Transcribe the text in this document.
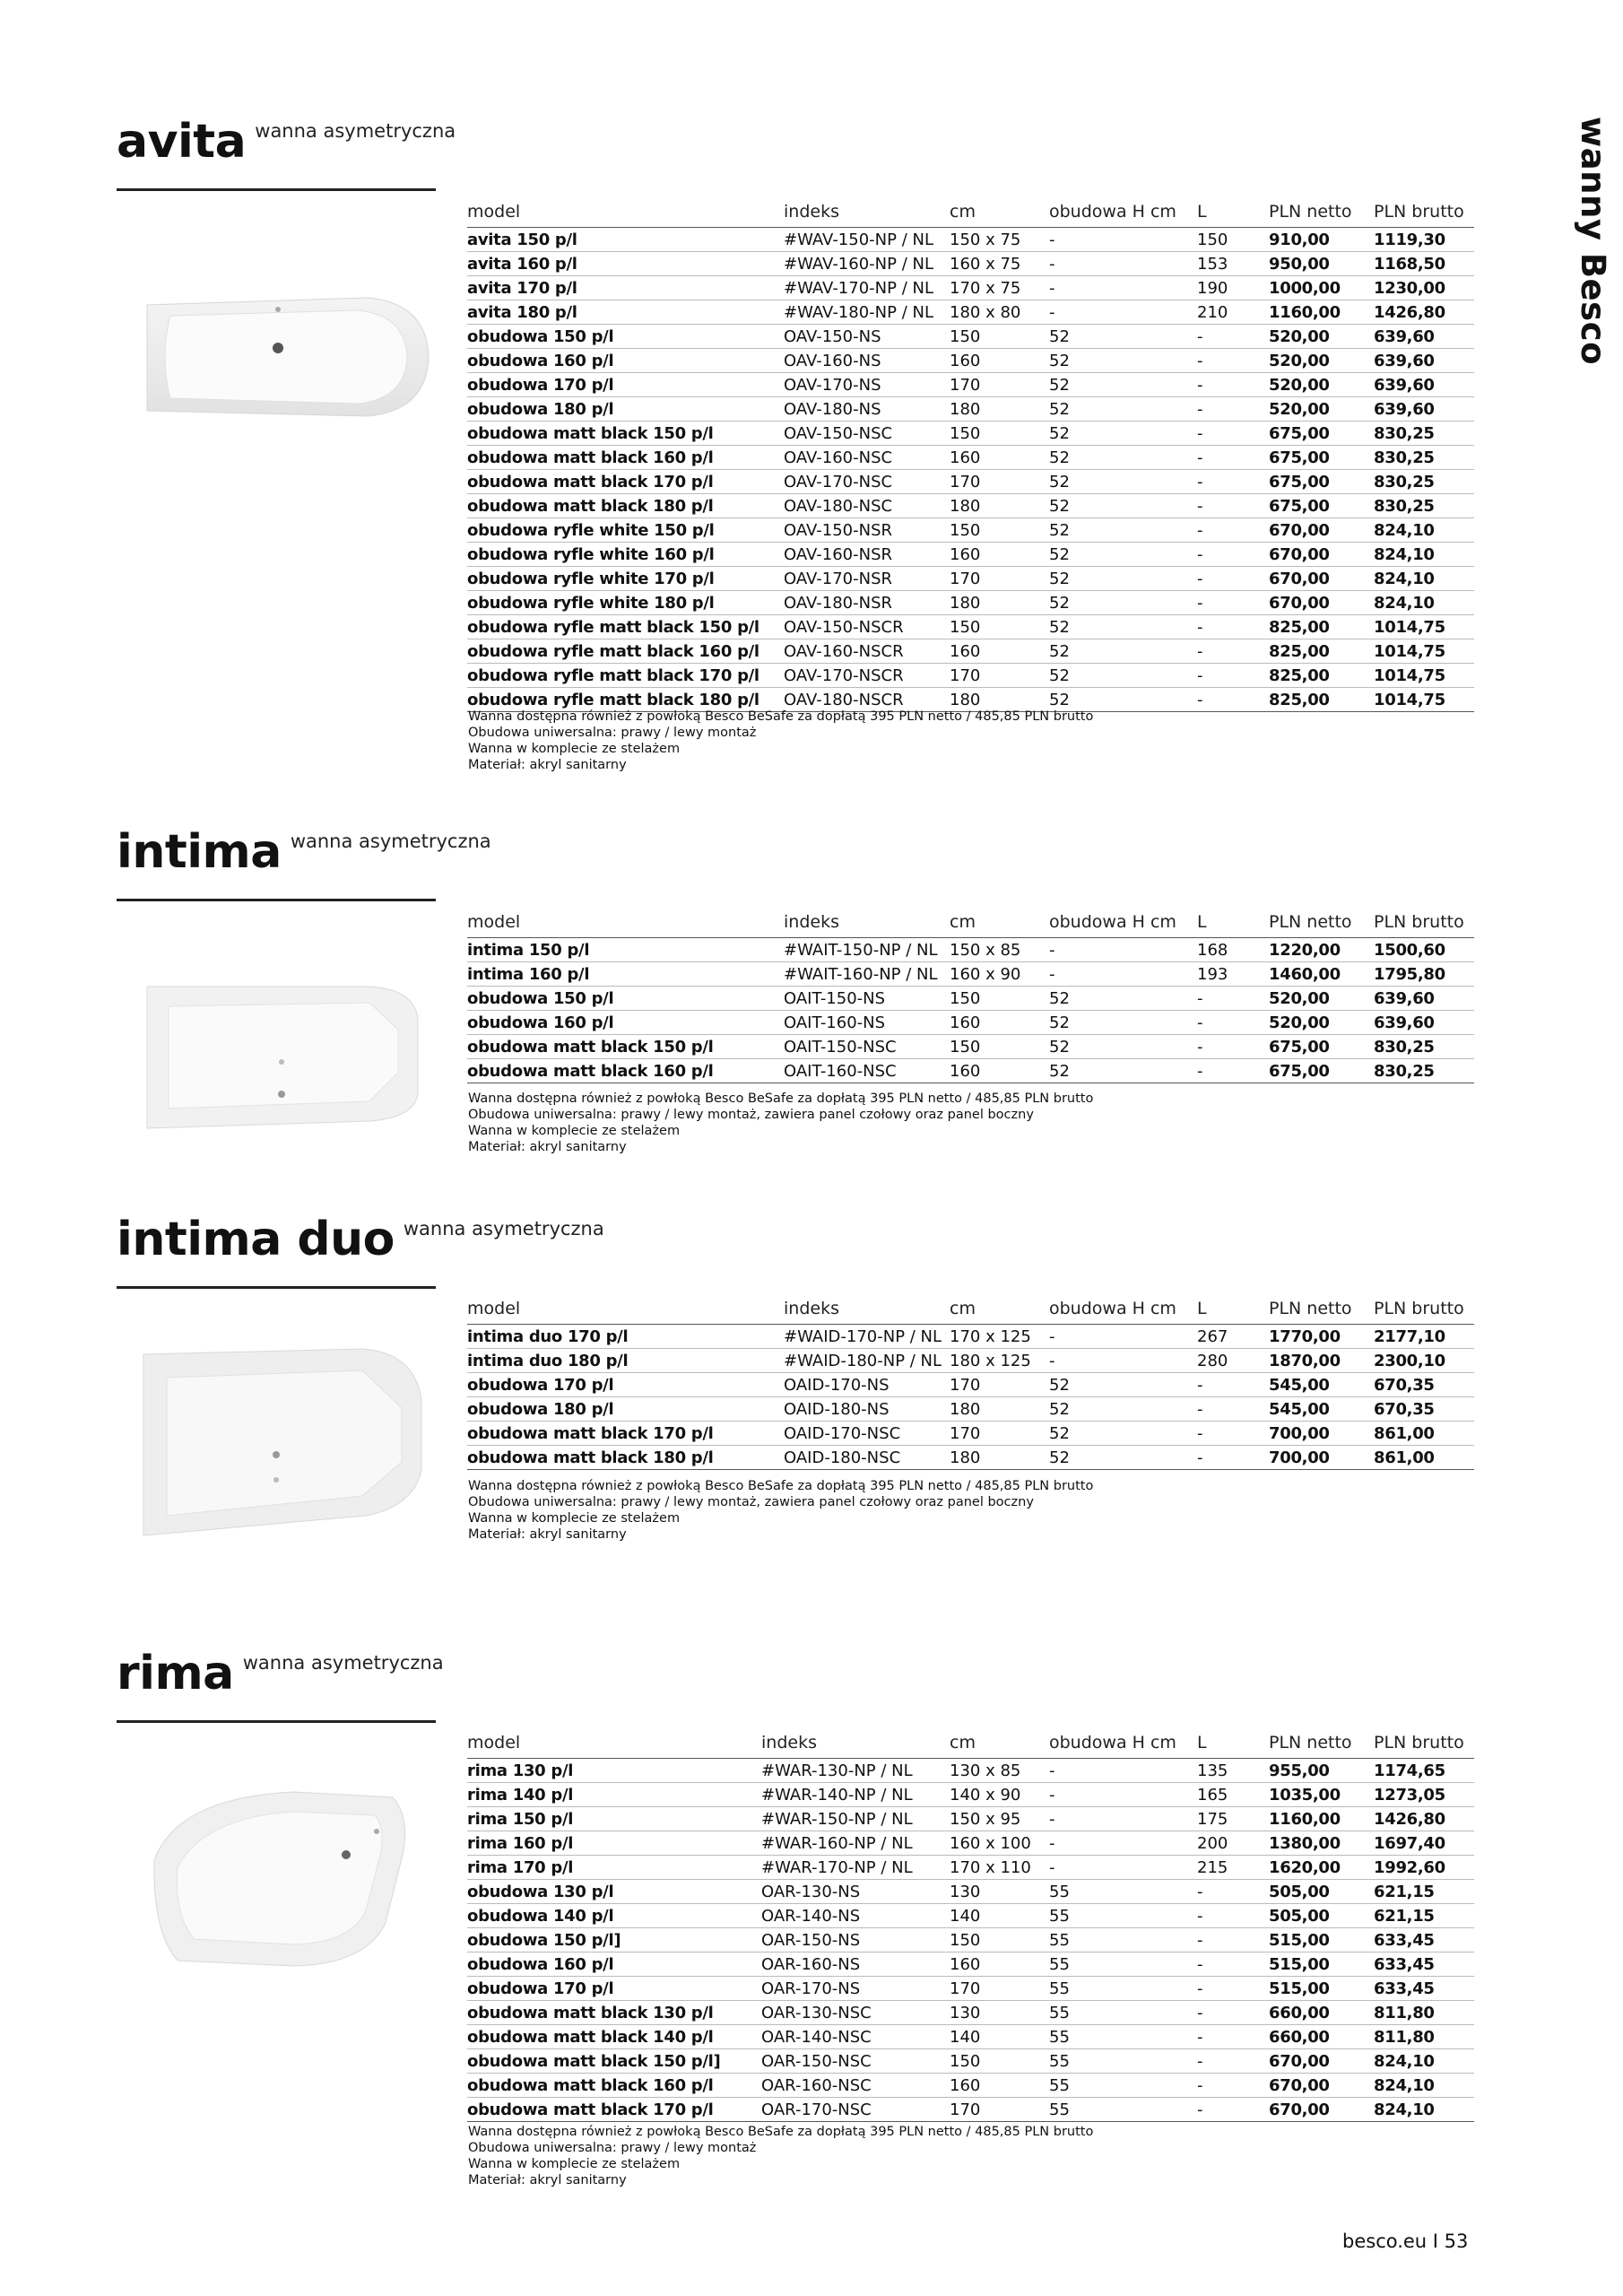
wanny Besco
avita wanna asymetryczna
model	indeks	cm	obudowa H cm	L	PLN netto	PLN brutto
avita 150 p/l	#WAV-150-NP / NL	150 x 75	-	150	910,00	1119,30
avita 160 p/l	#WAV-160-NP / NL	160 x 75	-	153	950,00	1168,50
avita 170 p/l	#WAV-170-NP / NL	170 x 75	-	190	1000,00	1230,00
avita 180 p/l	#WAV-180-NP / NL	180 x 80	-	210	1160,00	1426,80
obudowa 150 p/l	OAV-150-NS	150	52	-	520,00	639,60
obudowa 160 p/l	OAV-160-NS	160	52	-	520,00	639,60
obudowa 170 p/l	OAV-170-NS	170	52	-	520,00	639,60
obudowa 180 p/l	OAV-180-NS	180	52	-	520,00	639,60
obudowa matt black 150 p/l	OAV-150-NSC	150	52	-	675,00	830,25
obudowa matt black 160 p/l	OAV-160-NSC	160	52	-	675,00	830,25
obudowa matt black 170 p/l	OAV-170-NSC	170	52	-	675,00	830,25
obudowa matt black 180 p/l	OAV-180-NSC	180	52	-	675,00	830,25
obudowa ryfle white 150 p/l	OAV-150-NSR	150	52	-	670,00	824,10
obudowa ryfle white 160 p/l	OAV-160-NSR	160	52	-	670,00	824,10
obudowa ryfle white 170 p/l	OAV-170-NSR	170	52	-	670,00	824,10
obudowa ryfle white 180 p/l	OAV-180-NSR	180	52	-	670,00	824,10
obudowa ryfle matt black 150 p/l	OAV-150-NSCR	150	52	-	825,00	1014,75
obudowa ryfle matt black 160 p/l	OAV-160-NSCR	160	52	-	825,00	1014,75
obudowa ryfle matt black 170 p/l	OAV-170-NSCR	170	52	-	825,00	1014,75
obudowa ryfle matt black 180 p/l	OAV-180-NSCR	180	52	-	825,00	1014,75
Wanna dostępna również z powłoką Besco BeSafe za dopłatą 395 PLN netto / 485,85 PLN brutto
Obudowa uniwersalna: prawy / lewy montaż
Wanna w komplecie ze stelażem
Materiał: akryl sanitarny
intima wanna asymetryczna
model	indeks	cm	obudowa H cm	L	PLN netto	PLN brutto
intima 150 p/l	#WAIT-150-NP / NL	150 x 85	-	168	1220,00	1500,60
intima 160 p/l	#WAIT-160-NP / NL	160 x 90	-	193	1460,00	1795,80
obudowa 150 p/l	OAIT-150-NS	150	52	-	520,00	639,60
obudowa 160 p/l	OAIT-160-NS	160	52	-	520,00	639,60
obudowa matt black 150 p/l	OAIT-150-NSC	150	52	-	675,00	830,25
obudowa matt black 160 p/l	OAIT-160-NSC	160	52	-	675,00	830,25
Wanna dostępna również z powłoką Besco BeSafe za dopłatą 395 PLN netto / 485,85 PLN brutto
Obudowa uniwersalna: prawy / lewy montaż, zawiera panel czołowy oraz panel boczny
Wanna w komplecie ze stelażem
Materiał: akryl sanitarny
intima duo wanna asymetryczna
model	indeks	cm	obudowa H cm	L	PLN netto	PLN brutto
intima duo 170 p/l	#WAID-170-NP / NL	170 x 125	-	267	1770,00	2177,10
intima duo 180 p/l	#WAID-180-NP / NL	180 x 125	-	280	1870,00	2300,10
obudowa 170 p/l	OAID-170-NS	170	52	-	545,00	670,35
obudowa 180 p/l	OAID-180-NS	180	52	-	545,00	670,35
obudowa matt black 170 p/l	OAID-170-NSC	170	52	-	700,00	861,00
obudowa matt black 180 p/l	OAID-180-NSC	180	52	-	700,00	861,00
Wanna dostępna również z powłoką Besco BeSafe za dopłatą 395 PLN netto / 485,85 PLN brutto
Obudowa uniwersalna: prawy / lewy montaż, zawiera panel czołowy oraz panel boczny
Wanna w komplecie ze stelażem
Materiał: akryl sanitarny
rima wanna asymetryczna
model	indeks	cm	obudowa H cm	L	PLN netto	PLN brutto
rima 130 p/l	#WAR-130-NP / NL	130 x 85	-	135	955,00	1174,65
rima 140 p/l	#WAR-140-NP / NL	140 x 90	-	165	1035,00	1273,05
rima 150 p/l	#WAR-150-NP / NL	150 x 95	-	175	1160,00	1426,80
rima 160 p/l	#WAR-160-NP / NL	160 x 100	-	200	1380,00	1697,40
rima 170 p/l	#WAR-170-NP / NL	170 x 110	-	215	1620,00	1992,60
obudowa 130 p/l	OAR-130-NS	130	55	-	505,00	621,15
obudowa 140 p/l	OAR-140-NS	140	55	-	505,00	621,15
obudowa 150 p/l]	OAR-150-NS	150	55	-	515,00	633,45
obudowa 160 p/l	OAR-160-NS	160	55	-	515,00	633,45
obudowa 170 p/l	OAR-170-NS	170	55	-	515,00	633,45
obudowa matt black 130 p/l	OAR-130-NSC	130	55	-	660,00	811,80
obudowa matt black 140 p/l	OAR-140-NSC	140	55	-	660,00	811,80
obudowa matt black 150 p/l]	OAR-150-NSC	150	55	-	670,00	824,10
obudowa matt black 160 p/l	OAR-160-NSC	160	55	-	670,00	824,10
obudowa matt black 170 p/l	OAR-170-NSC	170	55	-	670,00	824,10
Wanna dostępna również z powłoką Besco BeSafe za dopłatą 395 PLN netto / 485,85 PLN brutto
Obudowa uniwersalna: prawy / lewy montaż
Wanna w komplecie ze stelażem
Materiał: akryl sanitarny
besco.eu I 53
